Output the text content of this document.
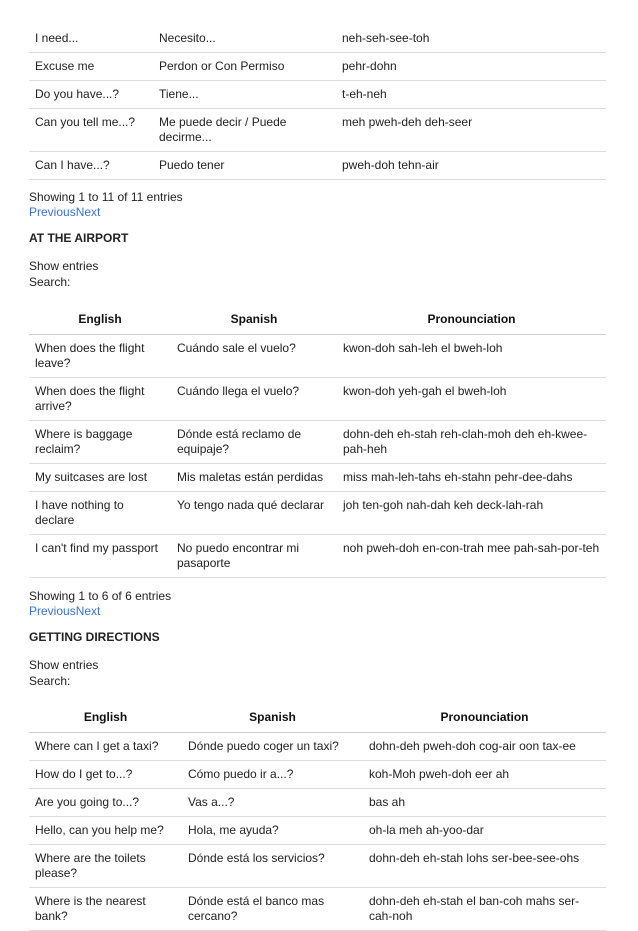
I need...	Necesito...	neh-seh-see-toh
Excuse me	Perdon or Con Permiso	pehr-dohn
Do you have...?	Tiene...	t-eh-neh
Can you tell me...?	Me puede decir / Puede decirme...	meh pweh-deh deh-seer
Can I have...?	Puedo tener	pweh-doh tehn-air
Showing 1 to 11 of 11 entries
PreviousNext
AT THE AIRPORT
Show entries
Search:
English	Spanish	Pronounciation
When does the flight leave?	Cuándo sale el vuelo?	kwon-doh sah-leh el bweh-loh
When does the flight arrive?	Cuándo llega el vuelo?	kwon-doh yeh-gah el bweh-loh
Where is baggage reclaim?	Dónde está reclamo de equipaje?	dohn-deh eh-stah reh-clah-moh deh eh-kwee-pah-heh
My suitcases are lost	Mis maletas están perdidas	miss mah-leh-tahs eh-stahn pehr-dee-dahs
I have nothing to declare	Yo tengo nada qué declarar	joh ten-goh nah-dah keh deck-lah-rah
I can't find my passport	No puedo encontrar mi pasaporte	noh pweh-doh en-con-trah mee pah-sah-por-teh
Showing 1 to 6 of 6 entries
PreviousNext
GETTING DIRECTIONS
Show entries
Search:
English	Spanish	Pronounciation
Where can I get a taxi?	Dónde puedo coger un taxi?	dohn-deh pweh-doh cog-air oon tax-ee
How do I get to...?	Cómo puedo ir a...?	koh-Moh pweh-doh eer ah
Are you going to...?	Vas a...?	bas ah
Hello, can you help me?	Hola, me ayuda?	oh-la meh ah-yoo-dar
Where are the toilets please?	Dónde está los servicios?	dohn-deh eh-stah lohs ser-bee-see-ohs
Where is the nearest bank?	Dónde está el banco mas cercano?	dohn-deh eh-stah el ban-coh mahs ser-cah-noh
